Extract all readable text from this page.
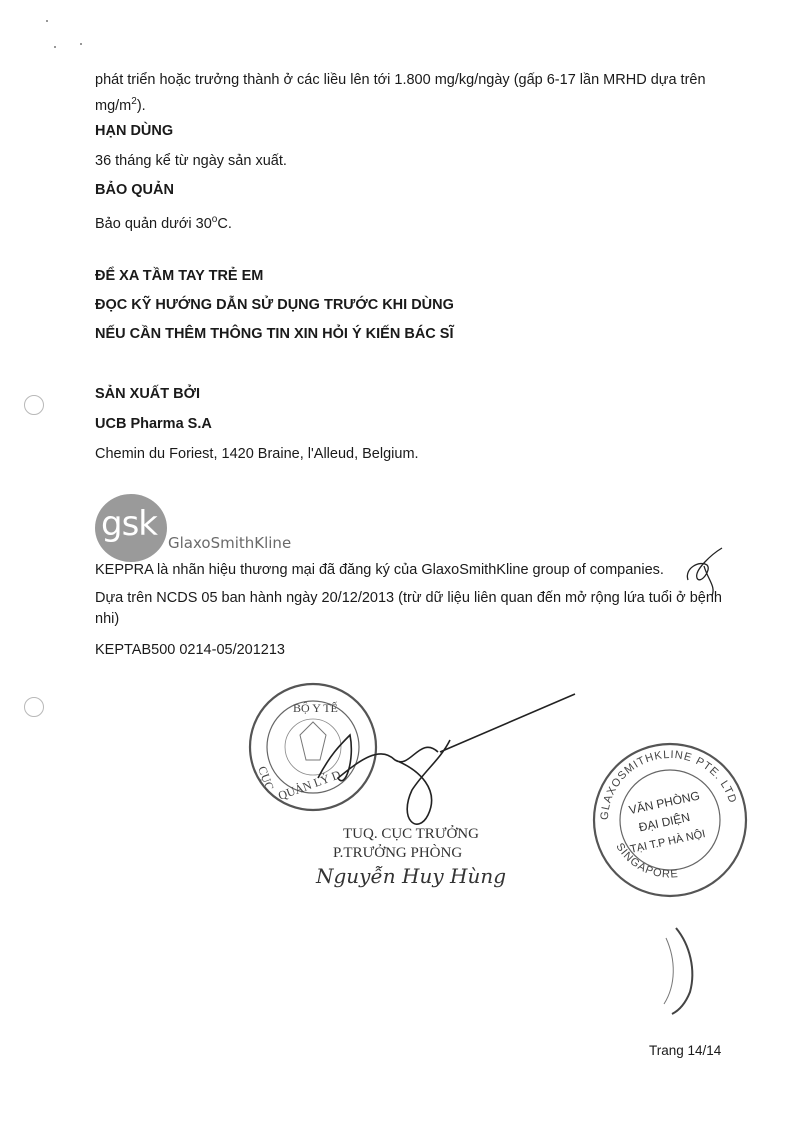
phát triển hoặc trưởng thành ở các liều lên tới 1.800 mg/kg/ngày (gấp 6-17 lần MRHD dựa trên
$mg/m^2$).
HẠN DÙNG
36 tháng kể từ ngày sản xuất.
BẢO QUẢN
Bảo quản dưới 30$^o$C.
ĐỂ XA TẦM TAY TRẺ EM
ĐỌC KỸ HƯỚNG DẪN SỬ DỤNG TRƯỚC KHI DÙNG
NẾU CẦN THÊM THÔNG TIN XIN HỎI Ý KIẾN BÁC SĨ
SẢN XUẤT BỞI
UCB Pharma S.A
Chemin du Foriest, 1420 Braine, l'Alleud, Belgium.
gsk GlaxoSmithKline
KEPPRA là nhãn hiệu thương mại đã đăng ký của GlaxoSmithKline group of companies.
Dựa trên NCDS 05 ban hành ngày 20/12/2013 (trừ dữ liệu liên quan đến mở rộng lứa tuổi ở bệnh nhi)
KEPTAB500 0214-05/201213
BỘ Y TẾ
CỤC QUẢN LÝ D
TUQ. CỤC TRƯỞNG
P.TRƯỞNG PHÒNG
Nguyễn Huy Hùng
GLAXOSMITHKLINE PTE. LTD
SINGAPORE
VĂN PHÒNG
ĐẠI DIỆN
TẠI T.P HÀ NỘI
Trang 14/14
